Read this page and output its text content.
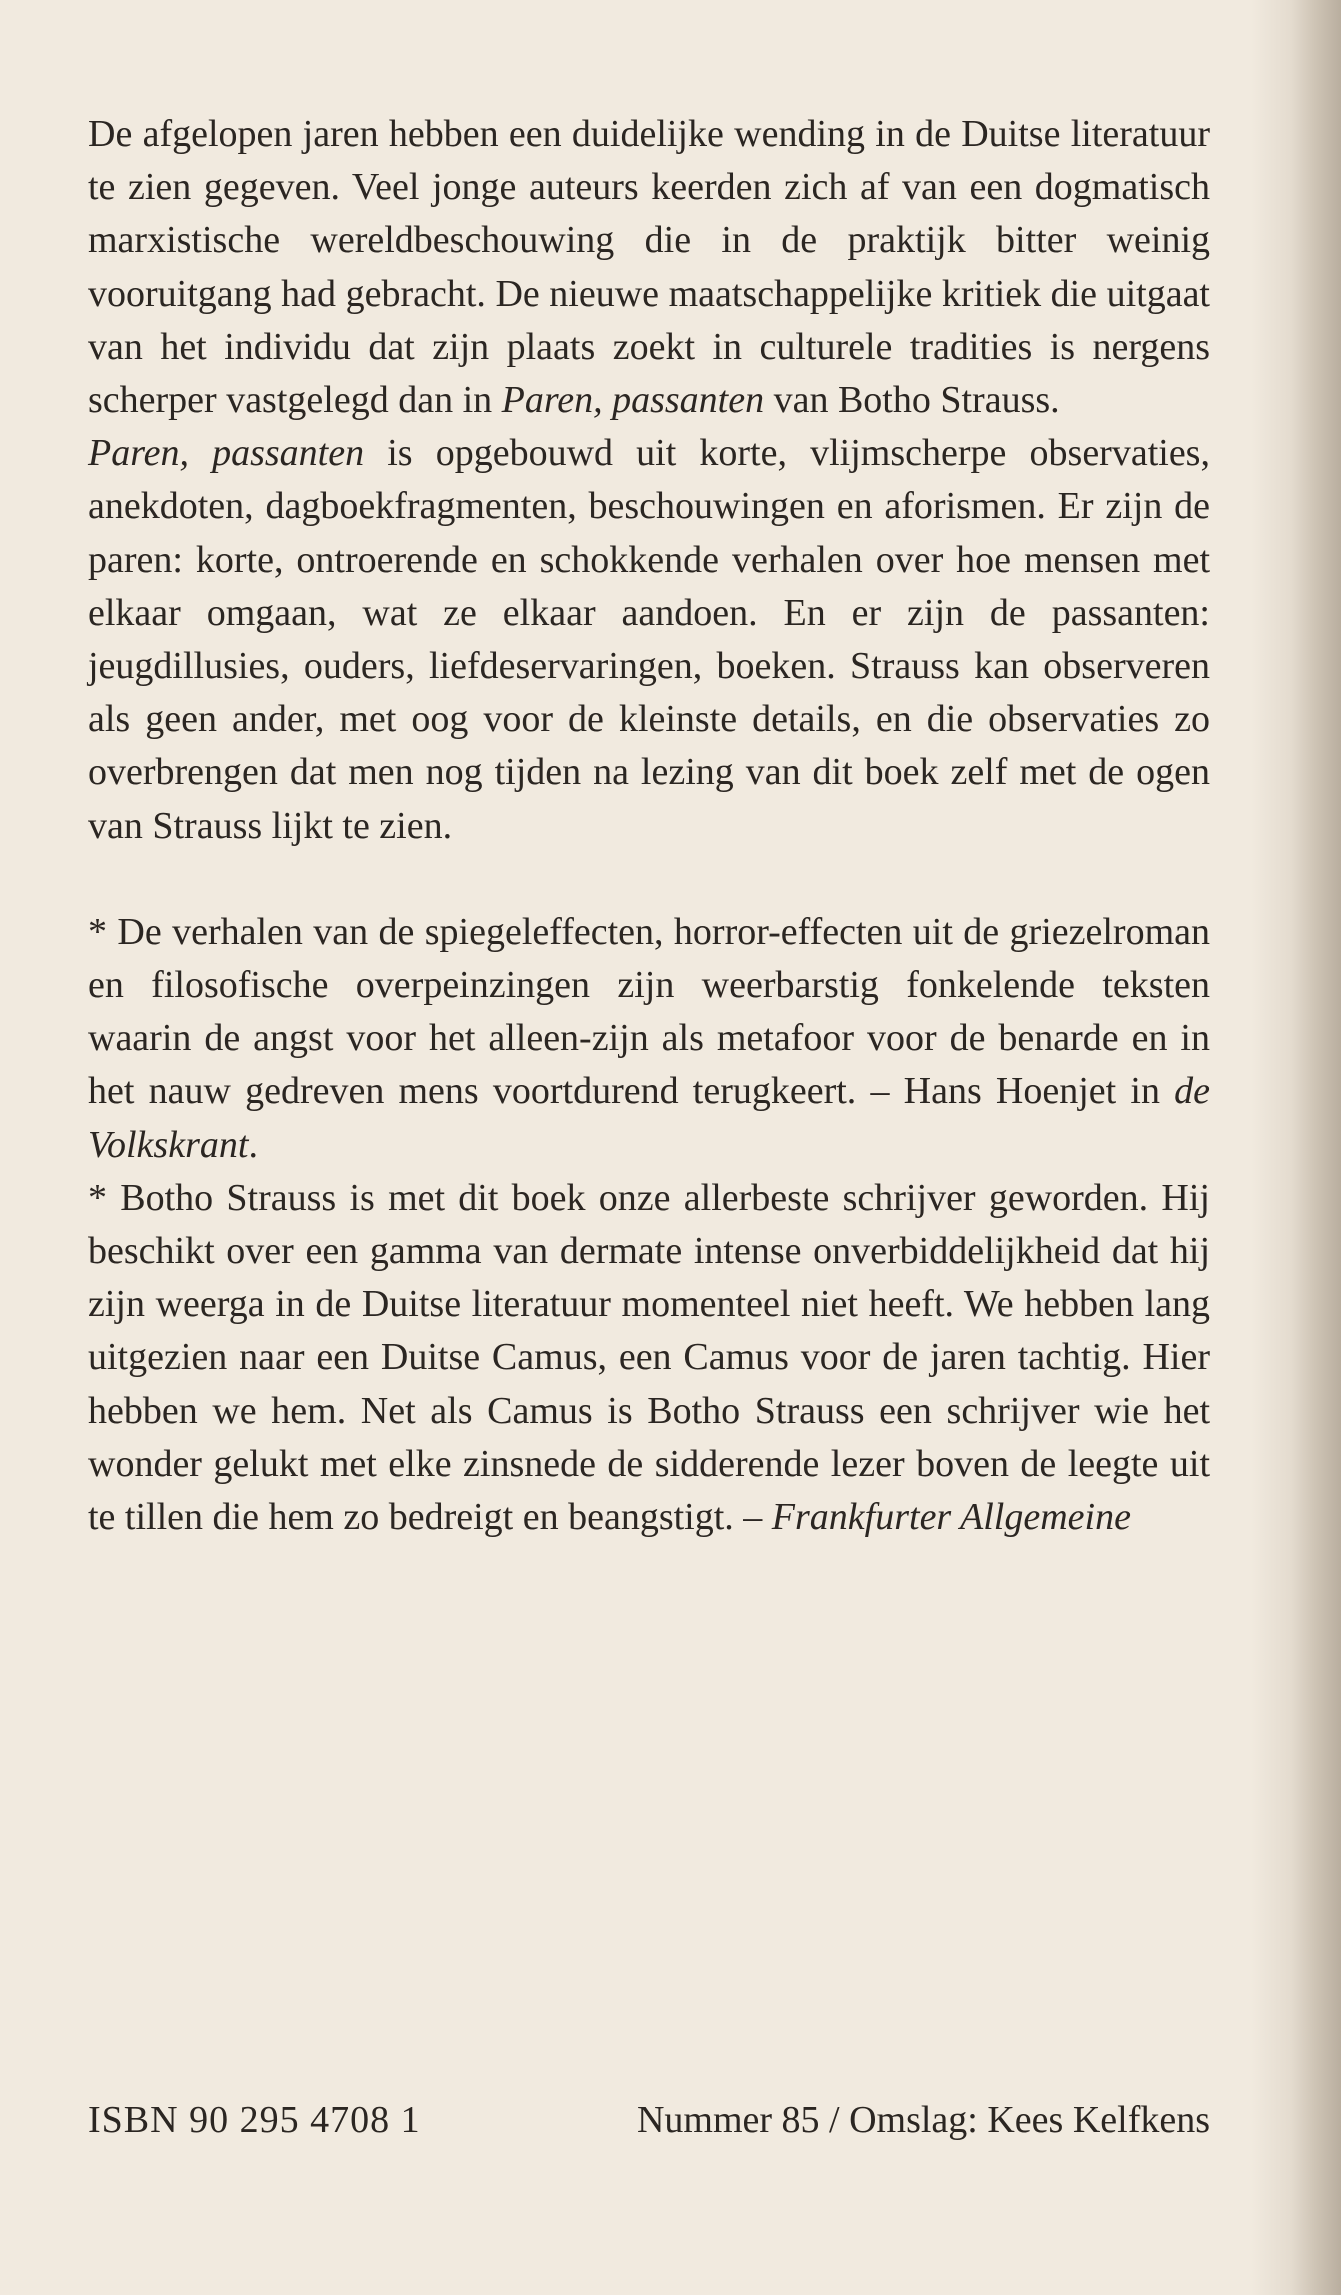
De afgelopen jaren hebben een duidelijke wending in de Duitse literatuur te zien gegeven. Veel jonge auteurs keerden zich af van een dogmatisch marxistische wereldbeschouwing die in de praktijk bitter weinig vooruitgang had gebracht. De nieuwe maatschappelijke kritiek die uitgaat van het individu dat zijn plaats zoekt in culturele tradities is nergens scherper vastgelegd dan in Paren, passanten van Botho Strauss.

Paren, passanten is opgebouwd uit korte, vlijmscherpe observaties, anekdoten, dagboekfragmenten, beschouwingen en aforismen. Er zijn de paren: korte, ontroerende en schokkende verhalen over hoe mensen met elkaar omgaan, wat ze elkaar aandoen. En er zijn de passanten: jeugdillusies, ouders, liefdeservaringen, boeken. Strauss kan observeren als geen ander, met oog voor de kleinste details, en die observaties zo overbrengen dat men nog tijden na lezing van dit boek zelf met de ogen van Strauss lijkt te zien.

* De verhalen van de spiegeleffecten, horror-effecten uit de griezelroman en filosofische overpeinzingen zijn weerbarstig fonkelende teksten waarin de angst voor het alleen-zijn als metafoor voor de benarde en in het nauw gedreven mens voortdurend terugkeert. – Hans Hoenjet in de Volkskrant.

* Botho Strauss is met dit boek onze allerbeste schrijver geworden. Hij beschikt over een gamma van dermate intense onverbiddelijkheid dat hij zijn weerga in de Duitse literatuur momenteel niet heeft. We hebben lang uitgezien naar een Duitse Camus, een Camus voor de jaren tachtig. Hier hebben we hem. Net als Camus is Botho Strauss een schrijver wie het wonder gelukt met elke zinsnede de sidderende lezer boven de leegte uit te tillen die hem zo bedreigt en beangstigt. – Frankfurter Allgemeine

ISBN 90 295 4708 1	Nummer 85 / Omslag: Kees Kelfkens
